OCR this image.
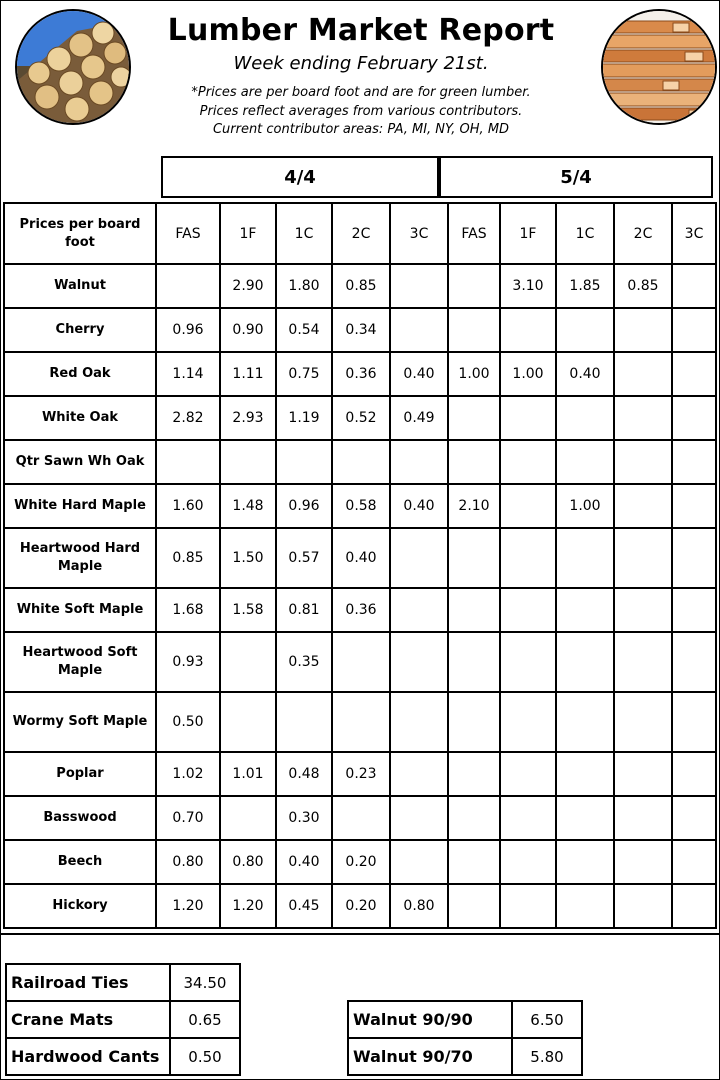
Lumber Market Report
Week ending February 21st.
*Prices are per board foot and are for green lumber.
Prices reflect averages from various contributors.
Current contributor areas: PA, MI, NY, OH, MD
4/4	5/4
Prices per board foot	FAS	1F	1C	2C	3C	FAS	1F	1C	2C	3C
Walnut		2.90	1.80	0.85			3.10	1.85	0.85	
Cherry	0.96	0.90	0.54	0.34						
Red Oak	1.14	1.11	0.75	0.36	0.40	1.00	1.00	0.40		
White Oak	2.82	2.93	1.19	0.52	0.49					
Qtr Sawn Wh Oak										
White Hard Maple	1.60	1.48	0.96	0.58	0.40	2.10		1.00		
Heartwood Hard Maple	0.85	1.50	0.57	0.40						
White Soft Maple	1.68	1.58	0.81	0.36						
Heartwood Soft Maple	0.93		0.35							
Wormy Soft Maple	0.50									
Poplar	1.02	1.01	0.48	0.23						
Basswood	0.70		0.30							
Beech	0.80	0.80	0.40	0.20						
Hickory	1.20	1.20	0.45	0.20	0.80					
Railroad Ties	34.50
Crane Mats	0.65
Hardwood Cants	0.50
Walnut 90/90	6.50
Walnut 90/70	5.80
